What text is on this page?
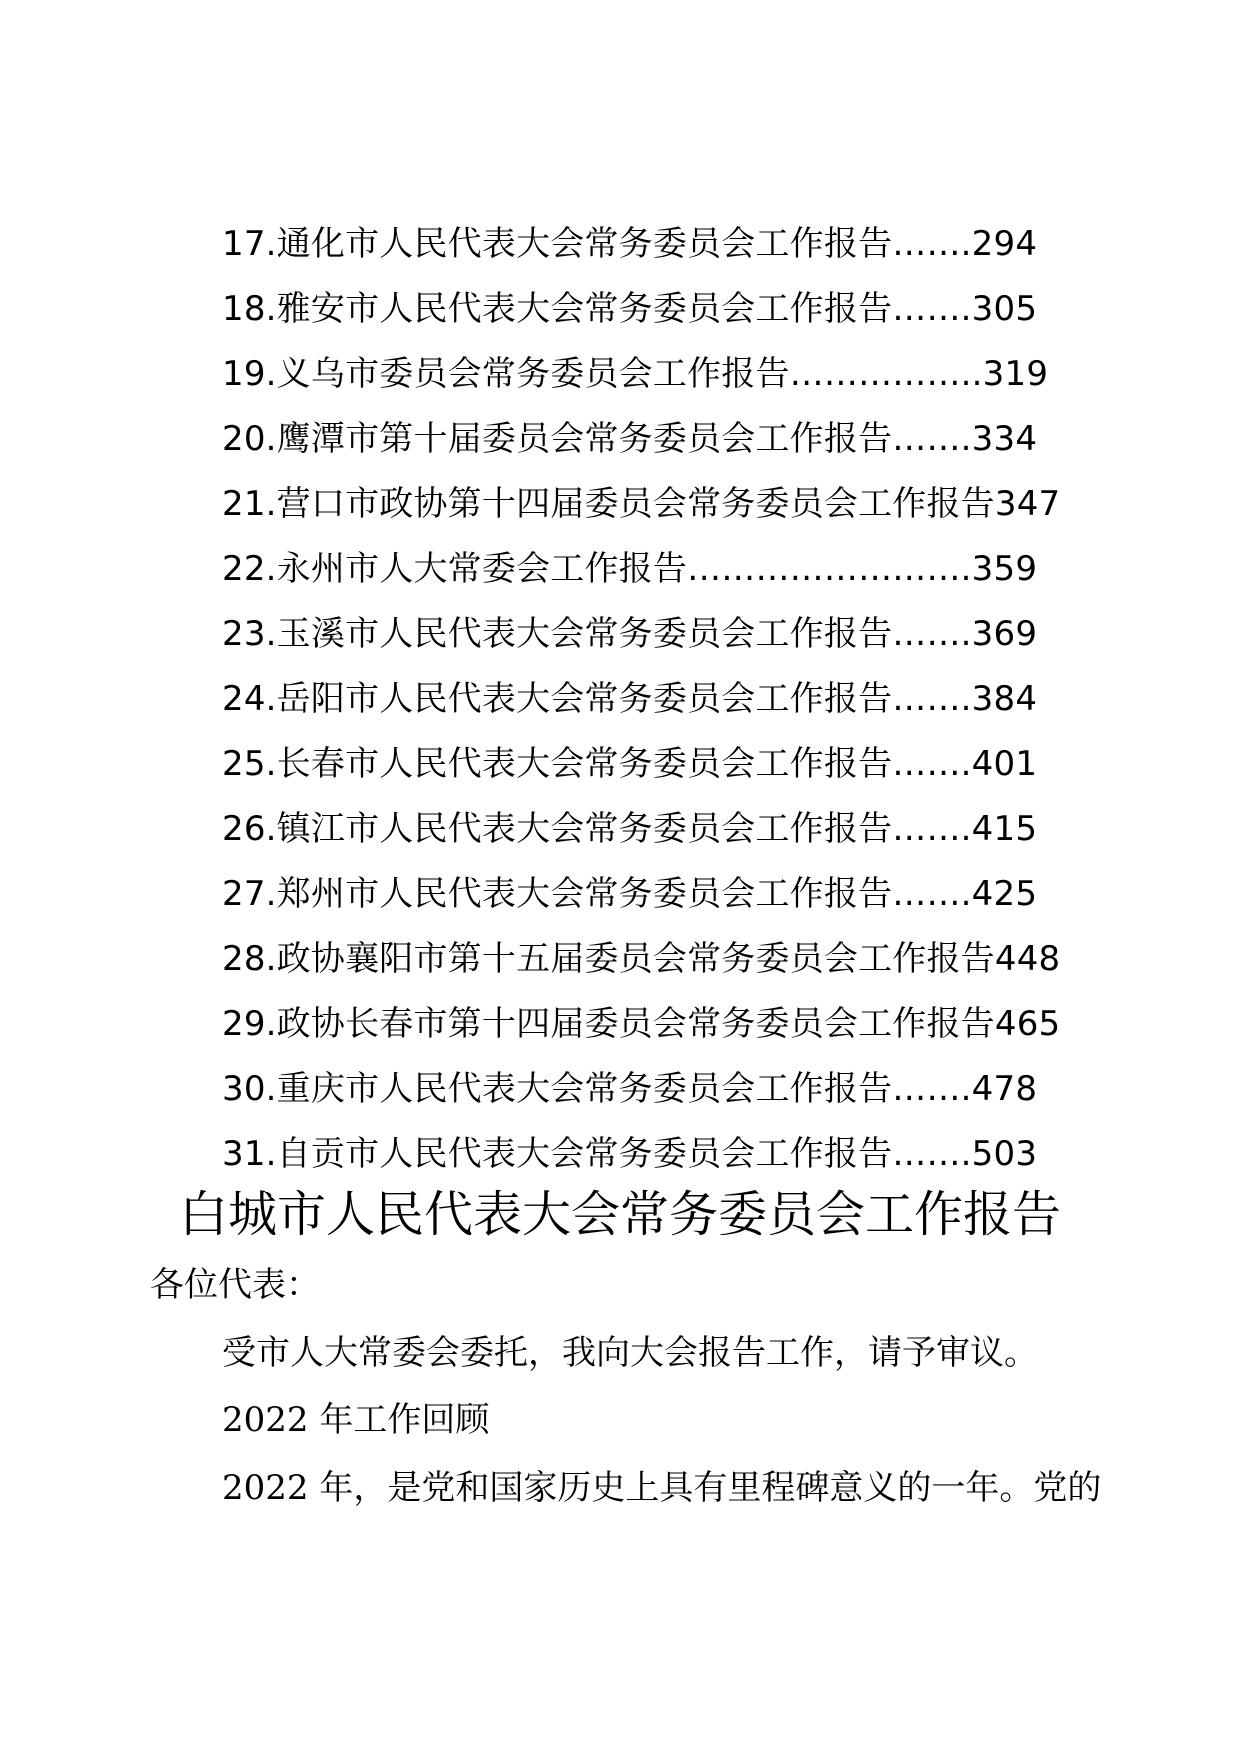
17.通化市人民代表大会常务委员会工作报告…….294
18.雅安市人民代表大会常务委员会工作报告…….305
19.义乌市委员会常务委员会工作报告……………..319
20.鹰潭市第十届委员会常务委员会工作报告…….334
21.营口市政协第十四届委员会常务委员会工作报告347
22.永州市人大常委会工作报告…………………….359
23.玉溪市人民代表大会常务委员会工作报告…….369
24.岳阳市人民代表大会常务委员会工作报告…….384
25.长春市人民代表大会常务委员会工作报告…….401
26.镇江市人民代表大会常务委员会工作报告…….415
27.郑州市人民代表大会常务委员会工作报告…….425
28.政协襄阳市第十五届委员会常务委员会工作报告448
29.政协长春市第十四届委员会常务委员会工作报告465
30.重庆市人民代表大会常务委员会工作报告…….478
31.自贡市人民代表大会常务委员会工作报告…….503
白城市人民代表大会常务委员会工作报告
各位代表：
受市人大常委会委托，我向大会报告工作，请予审议。
2022 年工作回顾
2022 年，是党和国家历史上具有里程碑意义的一年。党的
